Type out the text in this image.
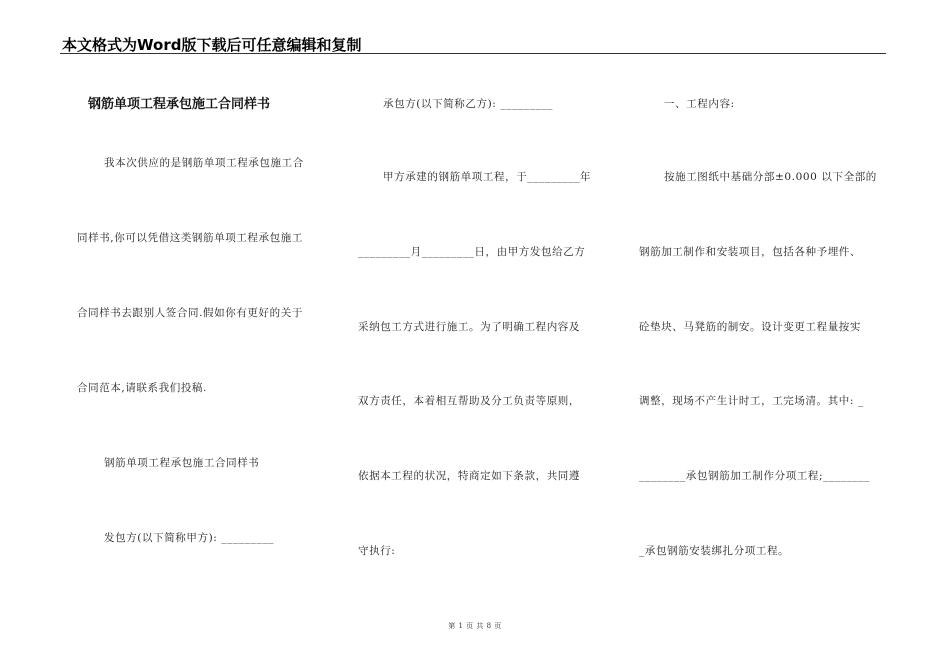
本文格式为Word版下载后可任意编辑和复制
钢筋单项工程承包施工合同样书
我本次供应的是钢筋单项工程承包施工合
同样书,你可以凭借这类钢筋单项工程承包施工
合同样书去跟别人签合同.假如你有更好的关于
合同范本,请联系我们投稿.
钢筋单项工程承包施工合同样书
发包方(以下简称甲方): _________
承包方(以下简称乙方): _________
甲方承建的钢筋单项工程，于_________年
_________月_________日，由甲方发包给乙方
采纳包工方式进行施工。为了明确工程内容及
双方责任，本着相互帮助及分工负责等原则，
依据本工程的状况，特商定如下条款，共同遵
守执行:
一、工程内容:
按施工图纸中基础分部±0.000 以下全部的
钢筋加工制作和安装项目，包括各种予埋件、
砼垫块、马凳筋的制安。设计变更工程量按实
调整，现场不产生计时工，工完场清。其中: _
________承包钢筋加工制作分项工程;________
_承包钢筋安装绑扎分项工程。
第 1 页 共 8 页
